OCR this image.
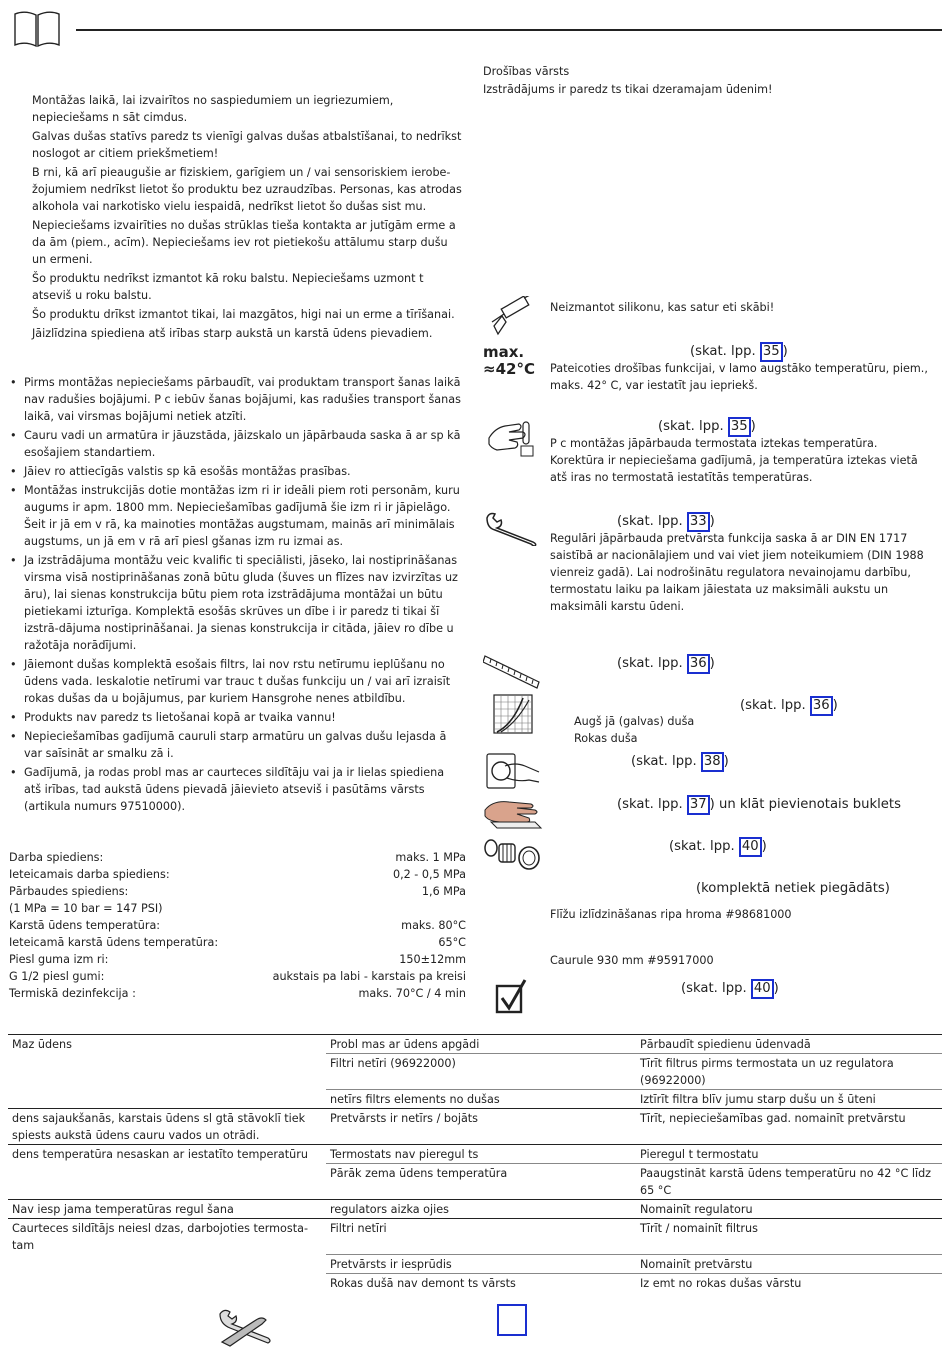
Montāžas laikā, lai izvairītos no saspiedumiem un iegriezumiem, nepieciešams n sāt cimdus.

Galvas dušas statīvs paredz ts vienīgi galvas dušas atbalstīšanai, to nedrīkst noslogot ar citiem priekšmetiem!

B rni, kā arī pieaugušie ar fiziskiem, garīgiem un / vai sensoriskiem ierobe-žojumiem nedrīkst lietot šo produktu bez uzraudzības. Personas, kas atrodas alkohola vai narkotisko vielu iespaidā, nedrīkst lietot šo dušas sist mu.

Nepieciešams izvairīties no dušas strūklas tieša kontakta ar jutīgām erme a da ām (piem., acīm). Nepieciešams iev rot pietiekošu attālumu starp dušu un ermeni.

Šo produktu nedrīkst izmantot kā roku balstu. Nepieciešams uzmont t atseviš u roku balstu.

Šo produktu drīkst izmantot tikai, lai mazgātos, higi nai un erme a tīrīšanai.

Jāizlīdzina spiediena atš irības starp aukstā un karstā ūdens pievadiem.

• Pirms montāžas nepieciešams pārbaudīt, vai produktam transport šanas laikā nav radušies bojājumi. P c iebūv šanas bojājumi, kas radušies transport šanas laikā, vai virsmas bojājumi netiek atzīti.
• Cauru vadi un armatūra ir jāuzstāda, jāizskalo un jāpārbauda saska ā ar sp kā esošajiem standartiem.
• Jāiev ro attiecīgās valstis sp kā esošās montāžas prasības.
• Montāžas instrukcijās dotie montāžas izm ri ir ideāli piem roti personām, kuru augums ir apm. 1800 mm. Nepieciešamības gadījumā šie izm ri ir jāpielāgo. Šeit ir jā em v rā, ka mainoties montāžas augstumam, mainās arī minimālais augstums, un jā em v rā arī piesl gšanas izm ru izmai as.
• Ja izstrādājuma montāžu veic kvalific ti speciālisti, jāseko, lai nostiprināšanas virsma visā nostiprināšanas zonā būtu gluda (šuves un flīzes nav izvirzītas uz āru), lai sienas konstrukcija būtu piem rota izstrādājuma montāžai un būtu pietiekami izturīga. Komplektā esošās skrūves un dībe i ir paredz ti tikai šī izstrā-dājuma nostiprināšanai. Ja sienas konstrukcija ir citāda, jāiev ro dībe u ražotāja norādījumi.
• Jāiemont dušas komplektā esošais filtrs, lai nov rstu netīrumu ieplūšanu no ūdens vada. Ieskalotie netīrumi var trauc t dušas funkciju un / vai arī izraisīt rokas dušas da u bojājumus, par kuriem Hansgrohe nenes atbildību.
• Produkts nav paredz ts lietošanai kopā ar tvaika vannu!
• Nepieciešamības gadījumā cauruli starp armatūru un galvas dušu lejasda ā var saīsināt ar smalku zā i.
• Gadījumā, ja rodas probl mas ar caurteces sildītāju vai ja ir lielas spiediena atš irības, tad aukstā ūdens pievadā jāievieto atseviš i pasūtāms vārsts (artikula numurs 97510000).
Darba spiediens:	maks. 1 MPa
Ieteicamais darba spiediens:	0,2 - 0,5 MPa
Pārbaudes spiediens:	1,6 MPa
(1 MPa = 10 bar = 147 PSI)
Karstā ūdens temperatūra:	maks. 80°C
Ieteicamā karstā ūdens temperatūra:	65°C
Piesl guma izm ri:	150±12mm
G 1/2 piesl gumi:	aukstais pa labi - karstais pa kreisi
Termiskā dezinfekcija :	maks. 70°C / 4 min
Drošības vārsts
Izstrādājums ir paredz ts tikai dzeramajam ūdenim!
Neizmantot silikonu, kas satur eti skābi!
max.
≈42°C
(skat. lpp. 35 )
Pateicoties drošības funkcijai, v lamo augstāko temperatūru, piem., maks. 42° C, var iestatīt jau iepriekš.
(skat. lpp. 35 )
P c montāžas jāpārbauda termostata iztekas temperatūra. Korektūra ir nepieciešama gadījumā, ja temperatūra iztekas vietā atš iras no termostatā iestatītās temperatūras.
(skat. lpp. 33 )
Regulāri jāpārbauda pretvārsta funkcija saska ā ar DIN EN 1717 saistībā ar nacionālajiem und vai viet jiem noteikumiem (DIN 1988 vienreiz gadā). Lai nodrošinātu regulatora nevainojamu darbību, termostatu laiku pa laikam jāiestata uz maksimāli aukstu un maksimāli karstu ūdeni.
(skat. lpp. 36 )
(skat. lpp. 36 )
Augš jā (galvas) duša
Rokas duša
(skat. lpp. 38 )
(skat. lpp. 37 ) un klāt pievienotais buklets
(skat. lpp. 40 )
(komplektā netiek piegādāts)
Flīžu izlīdzināšanas ripa hroma #98681000
Caurule 930 mm #95917000
(skat. lpp. 40 )
Maz ūdens	Probl mas ar ūdens apgādi	Pārbaudīt spiedienu ūdenvadā
	Filtri netīri (96922000)	Tīrīt filtrus pirms termostata un uz regulatora (96922000)
	netīrs filtrs elements no dušas	Iztīrīt filtra blīv jumu starp dušu un š ūteni
dens sajaukšanās, karstais ūdens sl gtā stāvoklī tiek spiests aukstā ūdens cauru vados un otrādi.	Pretvārsts ir netīrs / bojāts	Tīrīt, nepieciešamības gad. nomainīt pretvārstu
dens temperatūra nesaskan ar iestatīto temperatūru	Termostats nav pieregul ts	Pieregul t termostatu
	Pārāk zema ūdens temperatūra	Paaugstināt karstā ūdens temperatūru no 42 °C līdz 65 °C
Nav iesp jama temperatūras regul šana	regulators aizka ojies	Nomainīt regulatoru
Caurteces sildītājs neiesl dzas, darbojoties termosta-tam	Filtri netīri	Tīrīt / nomainīt filtrus
	Pretvārsts ir iesprūdis	Nomainīt pretvārstu
	Rokas dušā nav demont ts vārsts	Iz emt no rokas dušas vārstu
